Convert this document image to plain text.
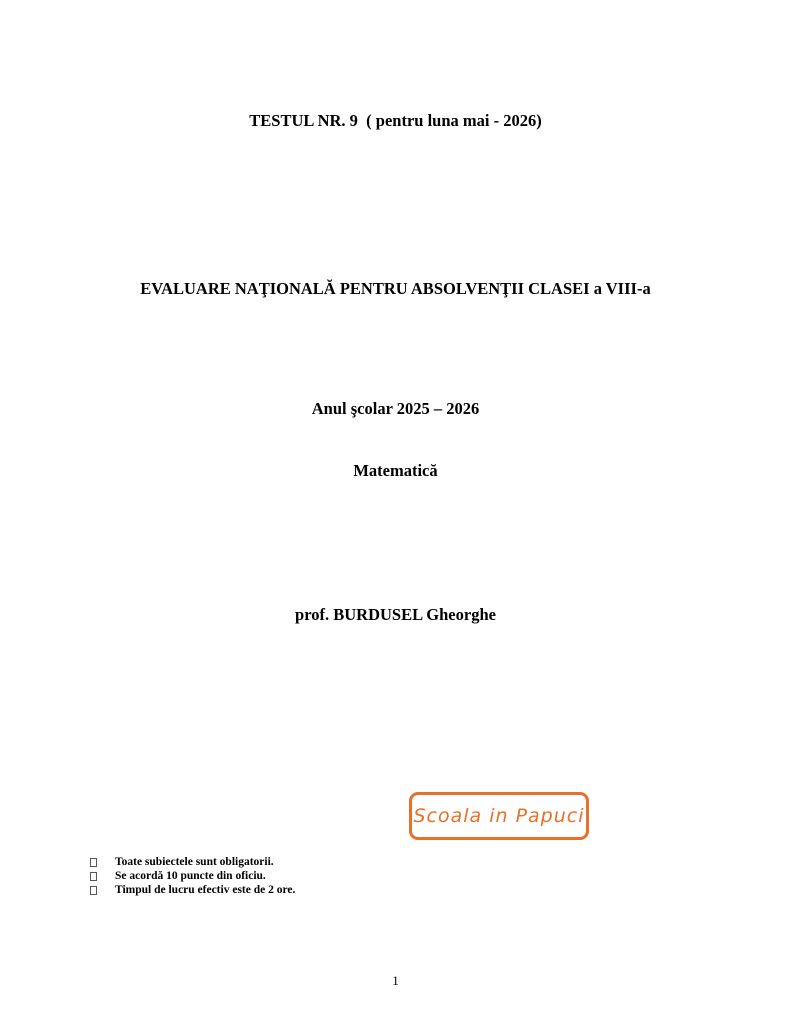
TESTUL NR. 9  ( pentru luna mai - 2026)
EVALUARE NAŢIONALĂ PENTRU ABSOLVENŢII CLASEI a VIII-a
Anul şcolar 2025 – 2026
Matematică
prof. BURDUSEL Gheorghe
Scoala in Papuci
Toate subiectele sunt obligatorii.
Se acordă 10 puncte din oficiu.
Timpul de lucru efectiv este de 2 ore.
1
